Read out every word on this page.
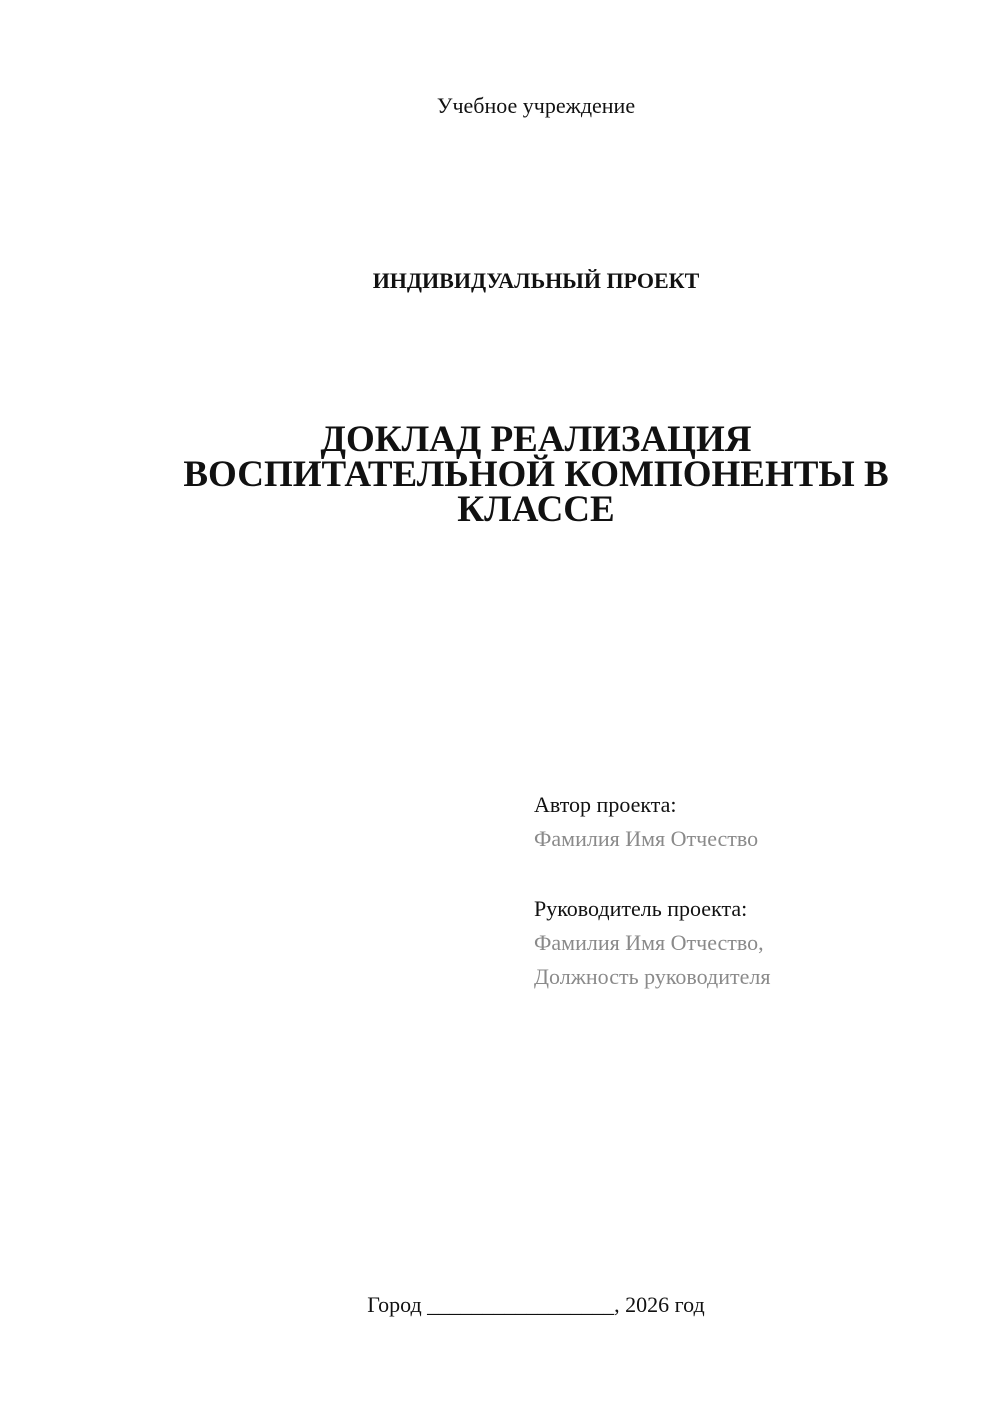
Учебное учреждение
ИНДИВИДУАЛЬНЫЙ ПРОЕКТ
ДОКЛАД РЕАЛИЗАЦИЯ
ВОСПИТАТЕЛЬНОЙ КОМПОНЕНТЫ В
КЛАССЕ
Автор проекта:
Фамилия Имя Отчество
Руководитель проекта:
Фамилия Имя Отчество,
Должность руководителя
Город _________________, 2026 год
